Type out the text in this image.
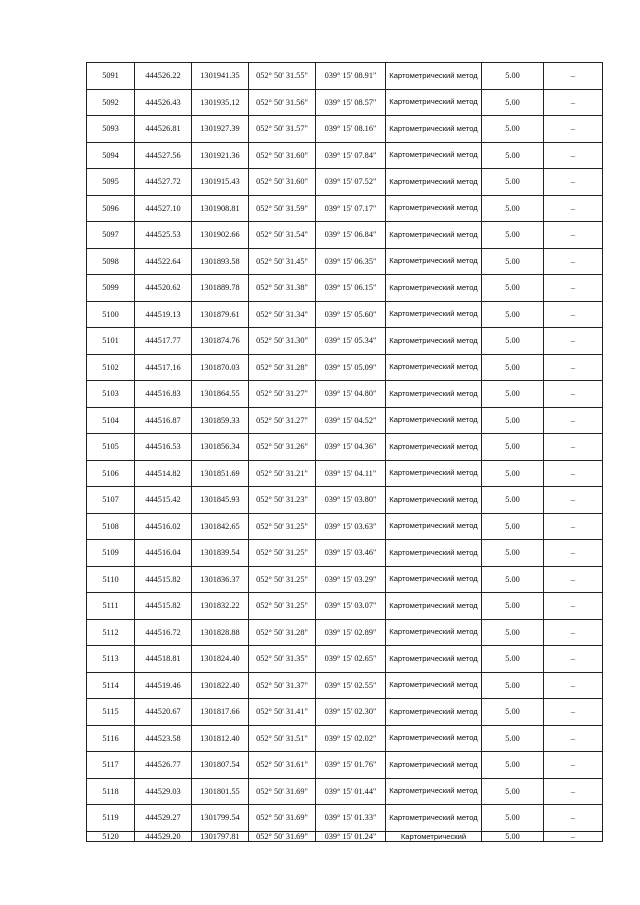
5091	444526.22	1301941.35	052° 50' 31.55"	039° 15' 08.91"	Картометрический метод	5.00	–
5092	444526.43	1301935.12	052° 50' 31.56"	039° 15' 08.57"	Картометрический метод	5.00	–
5093	444526.81	1301927.39	052° 50' 31.57"	039° 15' 08.16"	Картометрический метод	5.00	–
5094	444527.56	1301921.36	052° 50' 31.60"	039° 15' 07.84"	Картометрический метод	5.00	–
5095	444527.72	1301915.43	052° 50' 31.60"	039° 15' 07.52"	Картометрический метод	5.00	–
5096	444527.10	1301908.81	052° 50' 31.59"	039° 15' 07.17"	Картометрический метод	5.00	–
5097	444525.53	1301902.66	052° 50' 31.54"	039° 15' 06.84"	Картометрический метод	5.00	–
5098	444522.64	1301893.58	052° 50' 31.45"	039° 15' 06.35"	Картометрический метод	5.00	–
5099	444520.62	1301889.78	052° 50' 31.38"	039° 15' 06.15"	Картометрический метод	5.00	–
5100	444519.13	1301879.61	052° 50' 31.34"	039° 15' 05.60"	Картометрический метод	5.00	–
5101	444517.77	1301874.76	052° 50' 31.30"	039° 15' 05.34"	Картометрический метод	5.00	–
5102	444517.16	1301870.03	052° 50' 31.28"	039° 15' 05.09"	Картометрический метод	5.00	–
5103	444516.83	1301864.55	052° 50' 31.27"	039° 15' 04.80"	Картометрический метод	5.00	–
5104	444516.87	1301859.33	052° 50' 31.27"	039° 15' 04.52"	Картометрический метод	5.00	–
5105	444516.53	1301856.34	052° 50' 31.26"	039° 15' 04.36"	Картометрический метод	5.00	–
5106	444514.82	1301851.69	052° 50' 31.21"	039° 15' 04.11"	Картометрический метод	5.00	–
5107	444515.42	1301845.93	052° 50' 31.23"	039° 15' 03.80"	Картометрический метод	5.00	–
5108	444516.02	1301842.65	052° 50' 31.25"	039° 15' 03.63"	Картометрический метод	5.00	–
5109	444516.04	1301839.54	052° 50' 31.25"	039° 15' 03.46"	Картометрический метод	5.00	–
5110	444515.82	1301836.37	052° 50' 31.25"	039° 15' 03.29"	Картометрический метод	5.00	–
5111	444515.82	1301832.22	052° 50' 31.25"	039° 15' 03.07"	Картометрический метод	5.00	–
5112	444516.72	1301828.88	052° 50' 31.28"	039° 15' 02.89"	Картометрический метод	5.00	–
5113	444518.81	1301824.40	052° 50' 31.35"	039° 15' 02.65"	Картометрический метод	5.00	–
5114	444519.46	1301822.40	052° 50' 31.37"	039° 15' 02.55"	Картометрический метод	5.00	–
5115	444520.67	1301817.66	052° 50' 31.41"	039° 15' 02.30"	Картометрический метод	5.00	–
5116	444523.58	1301812.40	052° 50' 31.51"	039° 15' 02.02"	Картометрический метод	5.00	–
5117	444526.77	1301807.54	052° 50' 31.61"	039° 15' 01.76"	Картометрический метод	5.00	–
5118	444529.03	1301801.55	052° 50' 31.69"	039° 15' 01.44"	Картометрический метод	5.00	–
5119	444529.27	1301799.54	052° 50' 31.69"	039° 15' 01.33"	Картометрический метод	5.00	–
5120	444529.20	1301797.81	052° 50' 31.69"	039° 15' 01.24"	Картометрический	5.00	–
